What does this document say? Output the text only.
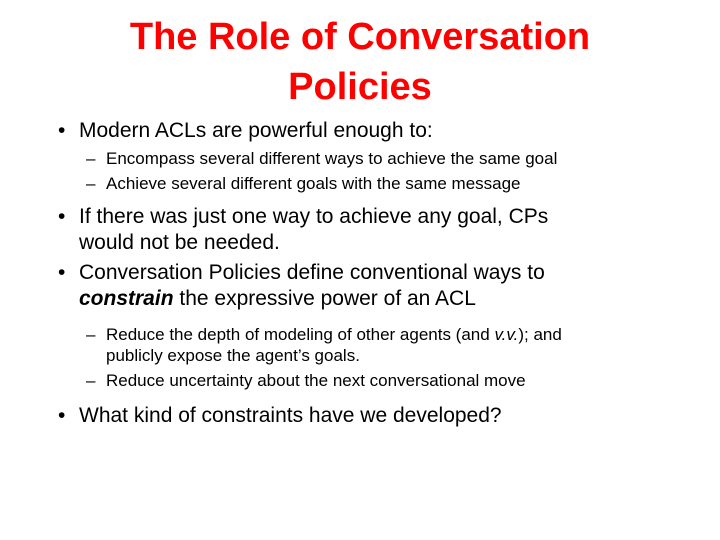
The Role of Conversation
Policies
• Modern ACLs are powerful enough to:
– Encompass several different ways to achieve the same goal
– Achieve several different goals with the same message
• If there was just one way to achieve any goal, CPs
would not be needed.
• Conversation Policies define conventional ways to
constrain the expressive power of an ACL
– Reduce the depth of modeling of other agents (and v.v.); and
publicly expose the agent’s goals.
– Reduce uncertainty about the next conversational move
• What kind of constraints have we developed?
